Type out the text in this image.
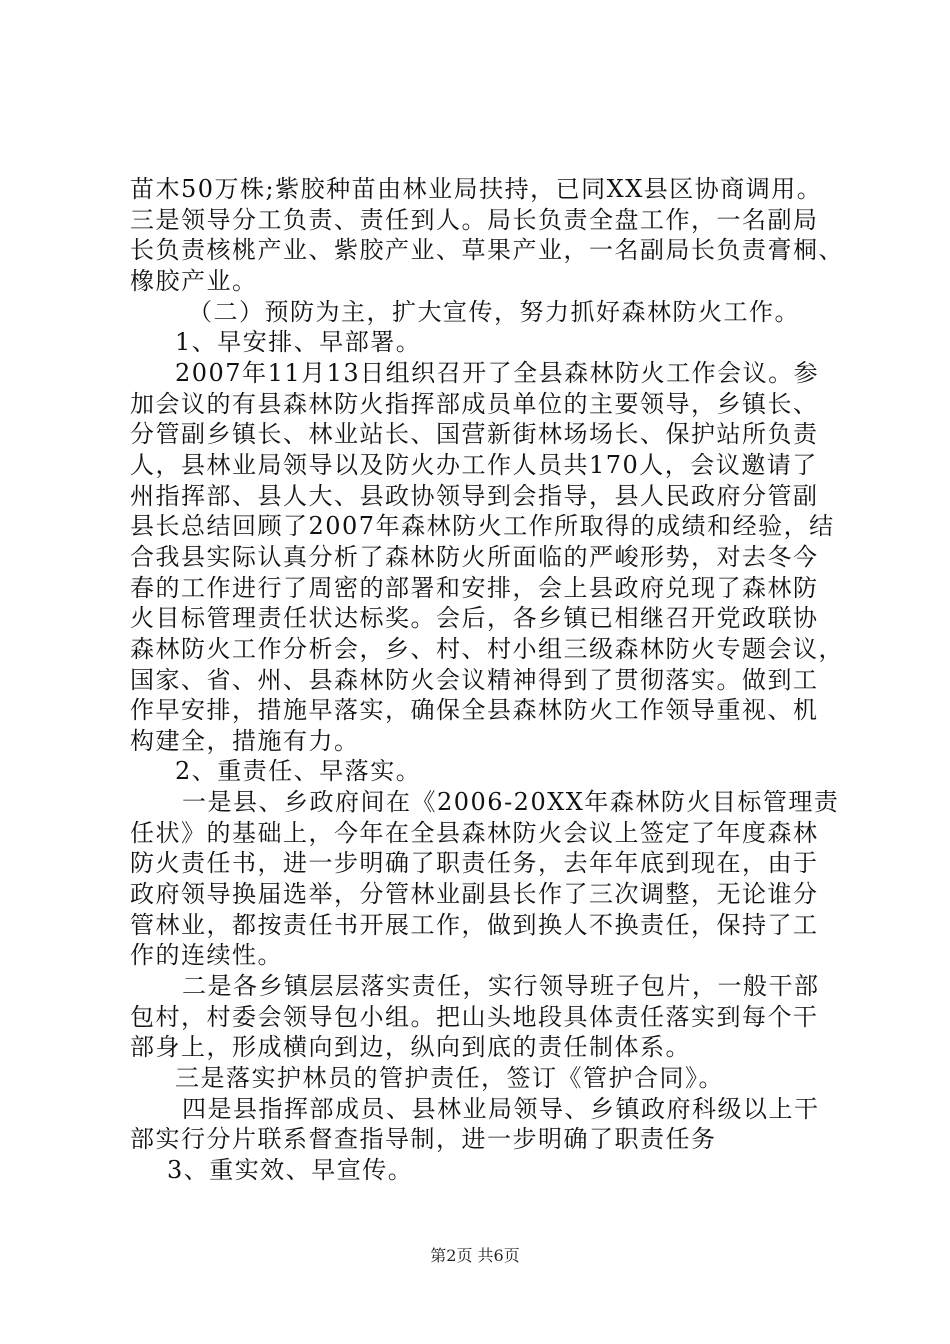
苗木50万株;紫胶种苗由林业局扶持，已同XX县区协商调用。
三是领导分工负责、责任到人。局长负责全盘工作，一名副局
长负责核桃产业、紫胶产业、草果产业，一名副局长负责膏桐、
橡胶产业。
（二）预防为主，扩大宣传，努力抓好森林防火工作。
1、早安排、早部署。
2007年11月13日组织召开了全县森林防火工作会议。参
加会议的有县森林防火指挥部成员单位的主要领导，乡镇长、
分管副乡镇长、林业站长、国营新街林场场长、保护站所负责
人，县林业局领导以及防火办工作人员共170人，会议邀请了
州指挥部、县人大、县政协领导到会指导，县人民政府分管副
县长总结回顾了2007年森林防火工作所取得的成绩和经验，结
合我县实际认真分析了森林防火所面临的严峻形势，对去冬今
春的工作进行了周密的部署和安排，会上县政府兑现了森林防
火目标管理责任状达标奖。会后，各乡镇已相继召开党政联协
森林防火工作分析会，乡、村、村小组三级森林防火专题会议，
国家、省、州、县森林防火会议精神得到了贯彻落实。做到工
作早安排，措施早落实，确保全县森林防火工作领导重视、机
构建全，措施有力。
2、重责任、早落实。
一是县、乡政府间在《2006-20XX年森林防火目标管理责
任状》的基础上，今年在全县森林防火会议上签定了年度森林
防火责任书，进一步明确了职责任务，去年年底到现在，由于
政府领导换届选举，分管林业副县长作了三次调整，无论谁分
管林业，都按责任书开展工作，做到换人不换责任，保持了工
作的连续性。
二是各乡镇层层落实责任，实行领导班子包片，一般干部
包村，村委会领导包小组。把山头地段具体责任落实到每个干
部身上，形成横向到边，纵向到底的责任制体系。
三是落实护林员的管护责任，签订《管护合同》。
四是县指挥部成员、县林业局领导、乡镇政府科级以上干
部实行分片联系督查指导制，进一步明确了职责任务
3、重实效、早宣传。
第2页 共6页
